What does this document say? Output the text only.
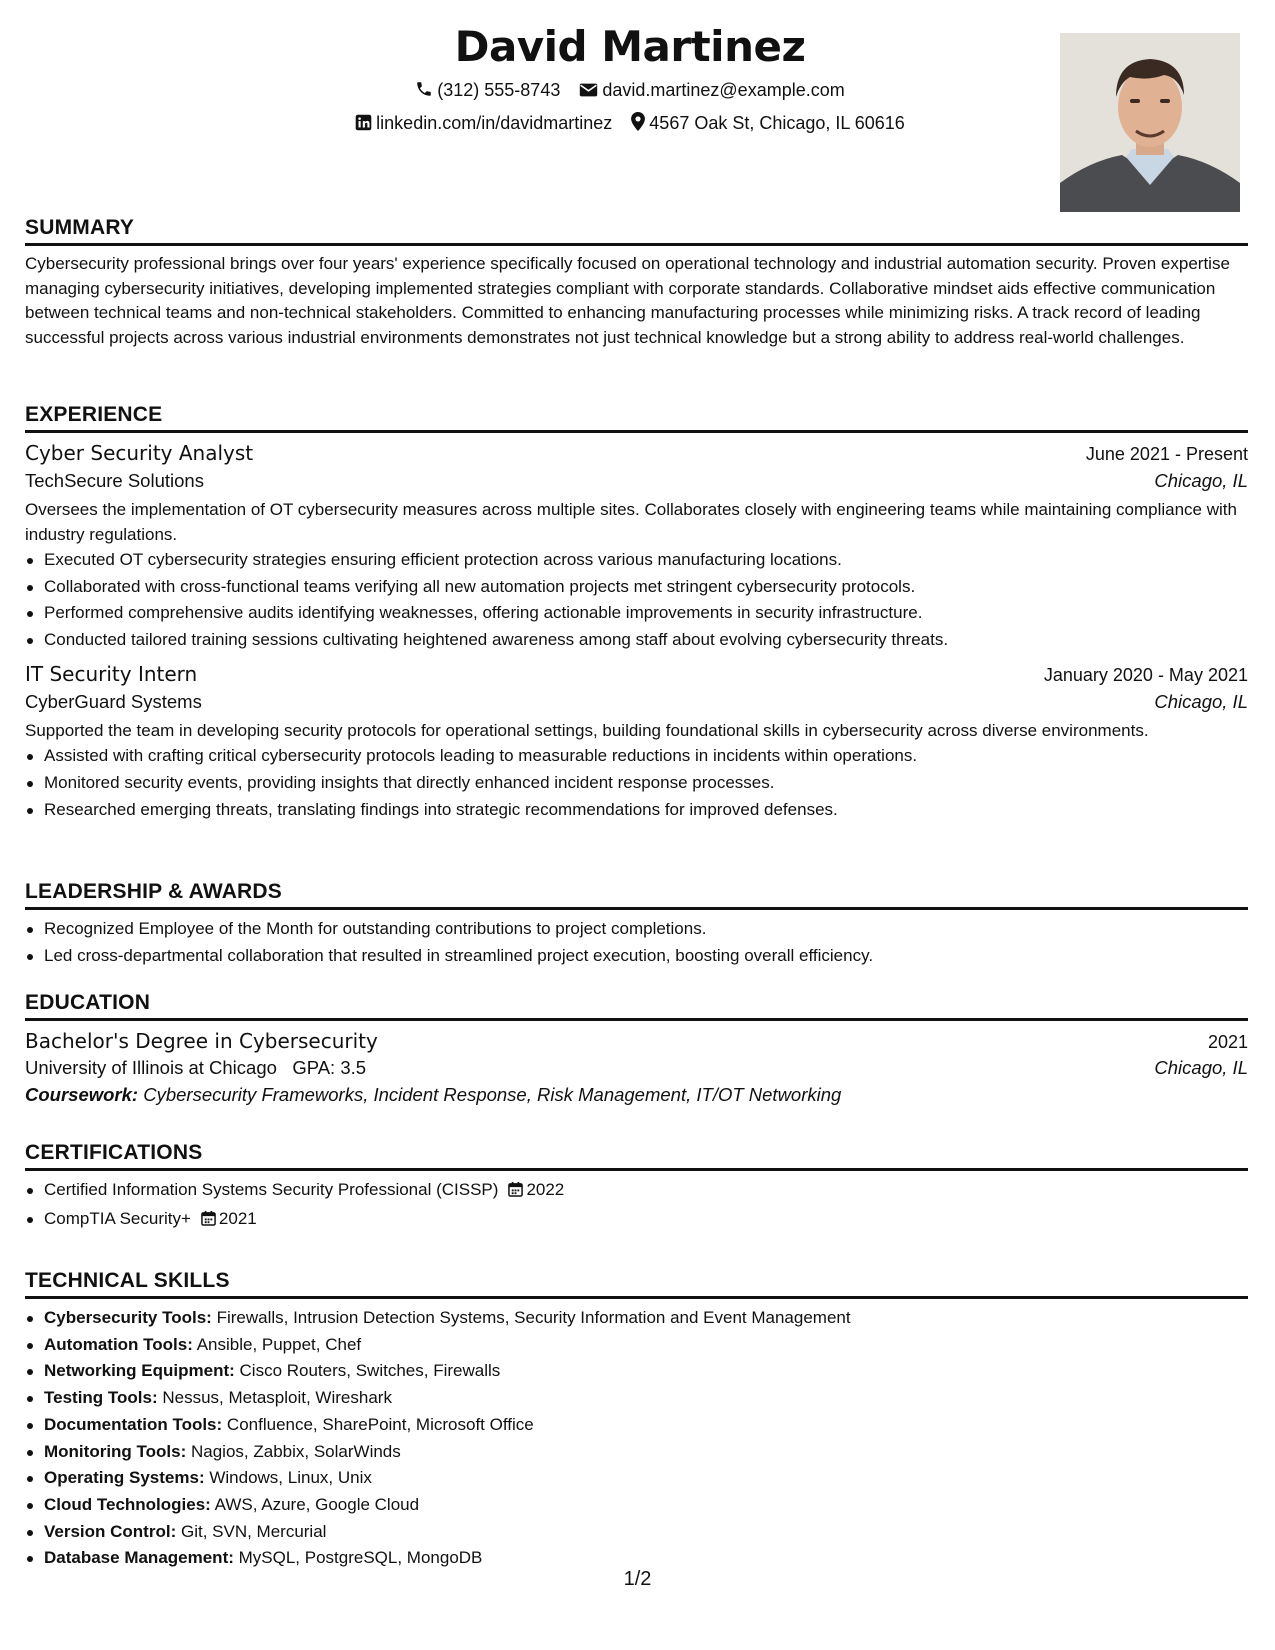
David Martinez
(312) 555-8743 david.martinez@example.com
linkedin.com/in/davidmartinez 4567 Oak St, Chicago, IL 60616
SUMMARY
Cybersecurity professional brings over four years' experience specifically focused on operational technology and industrial automation security. Proven expertise managing cybersecurity initiatives, developing implemented strategies compliant with corporate standards. Collaborative mindset aids effective communication between technical teams and non-technical stakeholders. Committed to enhancing manufacturing processes while minimizing risks. A track record of leading successful projects across various industrial environments demonstrates not just technical knowledge but a strong ability to address real-world challenges.
EXPERIENCE
Cyber Security Analyst	June 2021 - Present
TechSecure Solutions	Chicago, IL
Oversees the implementation of OT cybersecurity measures across multiple sites. Collaborates closely with engineering teams while maintaining compliance with industry regulations.
Executed OT cybersecurity strategies ensuring efficient protection across various manufacturing locations.
Collaborated with cross-functional teams verifying all new automation projects met stringent cybersecurity protocols.
Performed comprehensive audits identifying weaknesses, offering actionable improvements in security infrastructure.
Conducted tailored training sessions cultivating heightened awareness among staff about evolving cybersecurity threats.
IT Security Intern	January 2020 - May 2021
CyberGuard Systems	Chicago, IL
Supported the team in developing security protocols for operational settings, building foundational skills in cybersecurity across diverse environments.
Assisted with crafting critical cybersecurity protocols leading to measurable reductions in incidents within operations.
Monitored security events, providing insights that directly enhanced incident response processes.
Researched emerging threats, translating findings into strategic recommendations for improved defenses.
LEADERSHIP & AWARDS
Recognized Employee of the Month for outstanding contributions to project completions.
Led cross-departmental collaboration that resulted in streamlined project execution, boosting overall efficiency.
EDUCATION
Bachelor's Degree in Cybersecurity	2021
University of Illinois at Chicago GPA: 3.5	Chicago, IL
Coursework: Cybersecurity Frameworks, Incident Response, Risk Management, IT/OT Networking
CERTIFICATIONS
Certified Information Systems Security Professional (CISSP) 2022
CompTIA Security+ 2021
TECHNICAL SKILLS
Cybersecurity Tools: Firewalls, Intrusion Detection Systems, Security Information and Event Management
Automation Tools: Ansible, Puppet, Chef
Networking Equipment: Cisco Routers, Switches, Firewalls
Testing Tools: Nessus, Metasploit, Wireshark
Documentation Tools: Confluence, SharePoint, Microsoft Office
Monitoring Tools: Nagios, Zabbix, SolarWinds
Operating Systems: Windows, Linux, Unix
Cloud Technologies: AWS, Azure, Google Cloud
Version Control: Git, SVN, Mercurial
Database Management: MySQL, PostgreSQL, MongoDB
1/2
